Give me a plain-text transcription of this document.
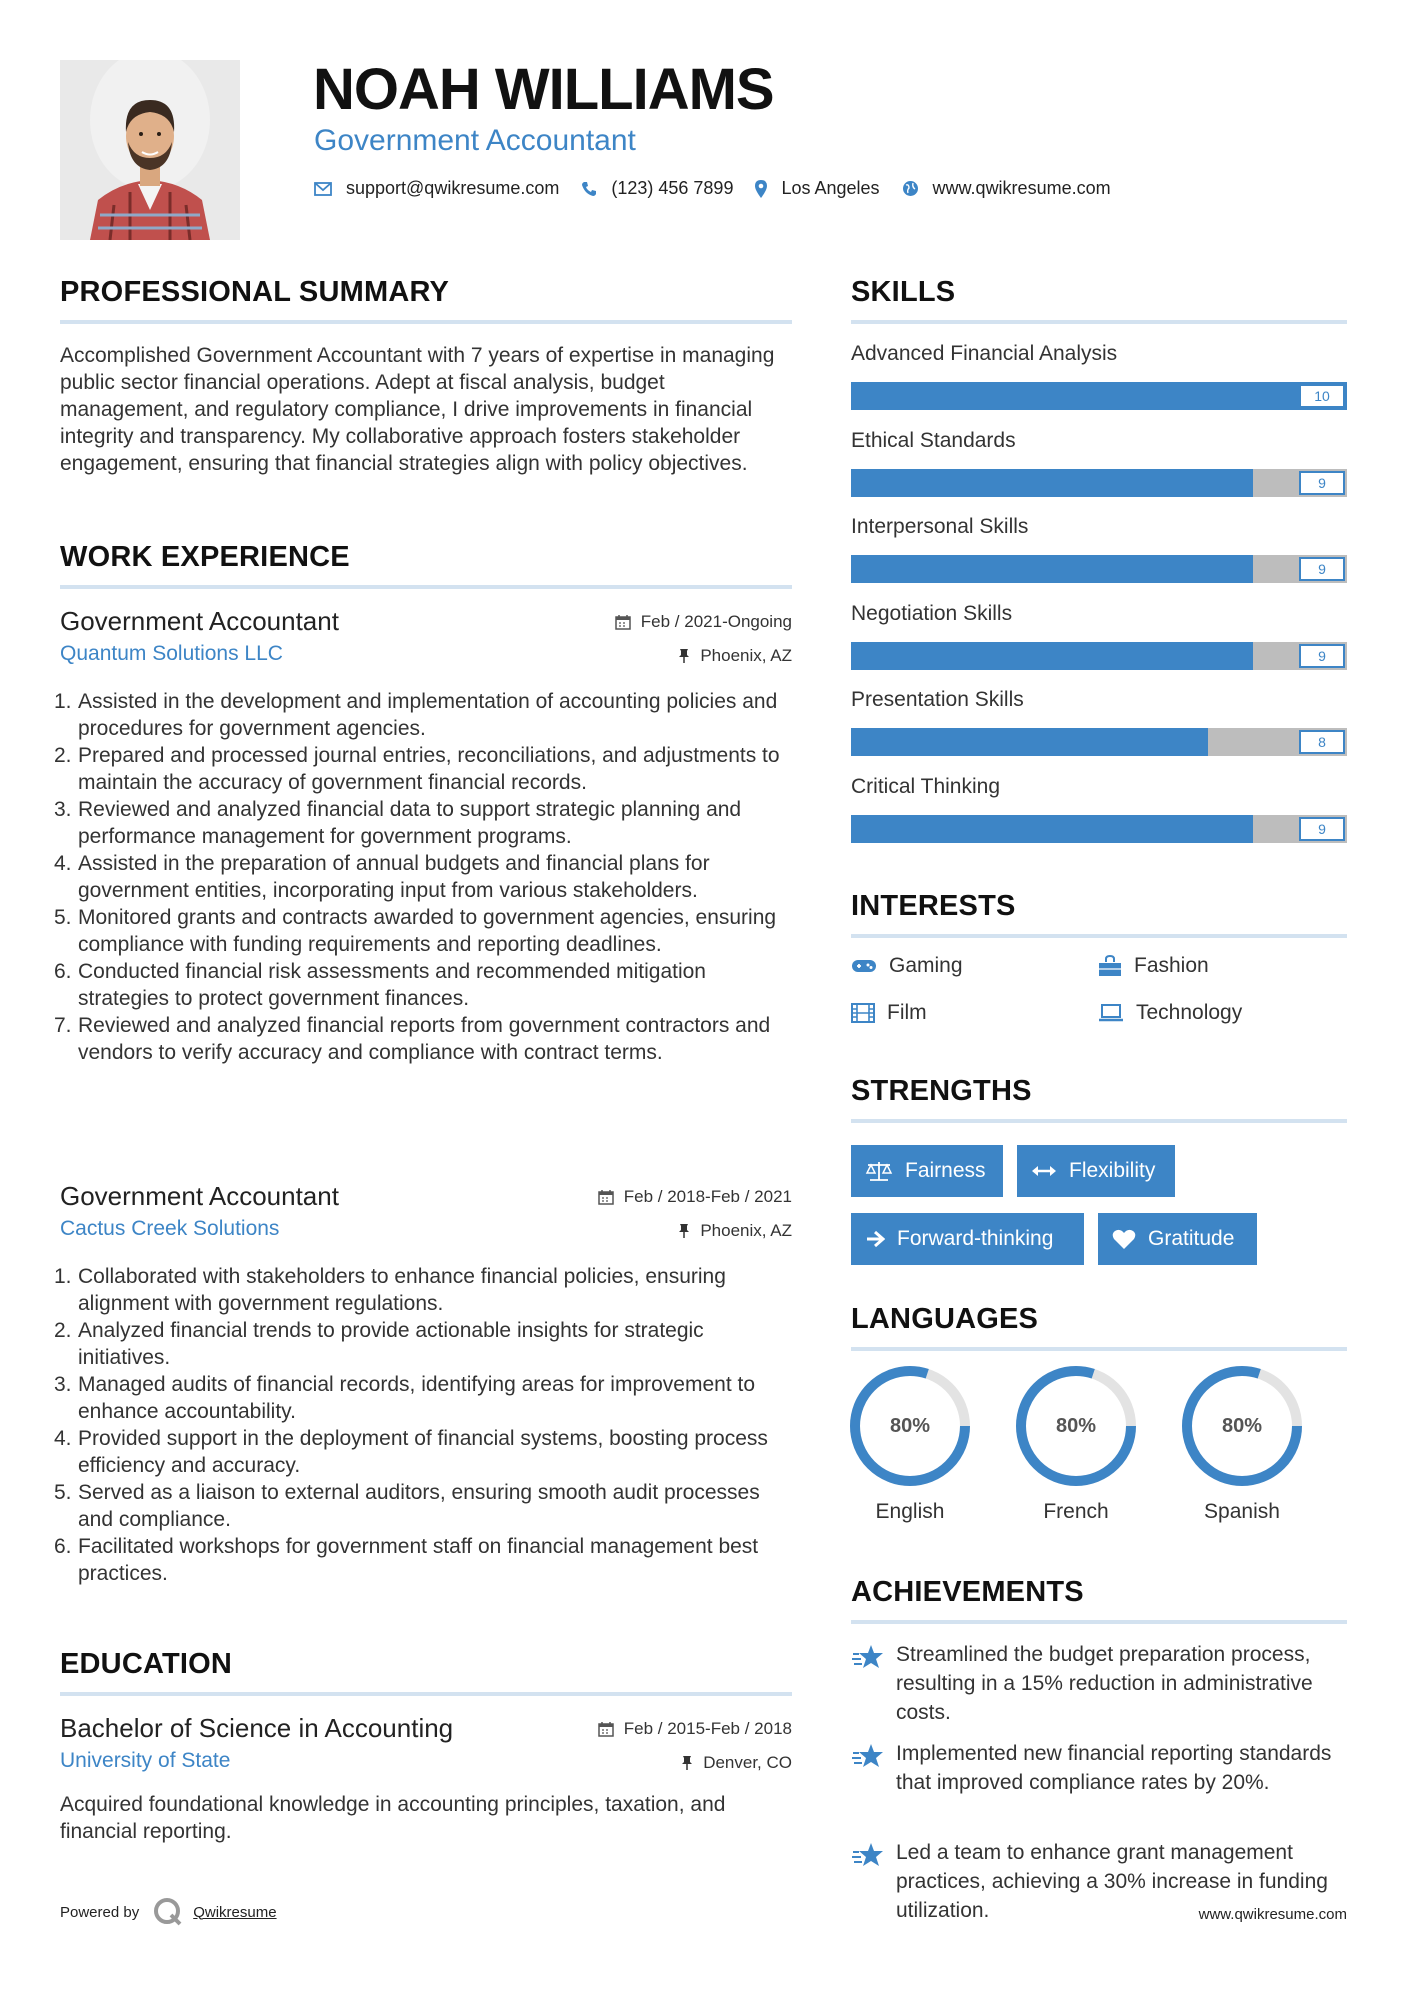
NOAH WILLIAMS
Government Accountant
support@qwikresume.com	(123) 456 7899	Los Angeles	www.qwikresume.com
PROFESSIONAL SUMMARY
Accomplished Government Accountant with 7 years of expertise in managing public sector financial operations. Adept at fiscal analysis, budget management, and regulatory compliance, I drive improvements in financial integrity and transparency. My collaborative approach fosters stakeholder engagement, ensuring that financial strategies align with policy objectives.
WORK EXPERIENCE
Government Accountant
Quantum Solutions LLC
Feb / 2021-Ongoing
Phoenix, AZ
1. Assisted in the development and implementation of accounting policies and procedures for government agencies.
2. Prepared and processed journal entries, reconciliations, and adjustments to maintain the accuracy of government financial records.
3. Reviewed and analyzed financial data to support strategic planning and performance management for government programs.
4. Assisted in the preparation of annual budgets and financial plans for government entities, incorporating input from various stakeholders.
5. Monitored grants and contracts awarded to government agencies, ensuring compliance with funding requirements and reporting deadlines.
6. Conducted financial risk assessments and recommended mitigation strategies to protect government finances.
7. Reviewed and analyzed financial reports from government contractors and vendors to verify accuracy and compliance with contract terms.
Government Accountant
Cactus Creek Solutions
Feb / 2018-Feb / 2021
Phoenix, AZ
1. Collaborated with stakeholders to enhance financial policies, ensuring alignment with government regulations.
2. Analyzed financial trends to provide actionable insights for strategic initiatives.
3. Managed audits of financial records, identifying areas for improvement to enhance accountability.
4. Provided support in the deployment of financial systems, boosting process efficiency and accuracy.
5. Served as a liaison to external auditors, ensuring smooth audit processes and compliance.
6. Facilitated workshops for government staff on financial management best practices.
EDUCATION
Bachelor of Science in Accounting
University of State
Feb / 2015-Feb / 2018
Denver, CO
Acquired foundational knowledge in accounting principles, taxation, and financial reporting.
SKILLS
Advanced Financial Analysis
10
Ethical Standards
9
Interpersonal Skills
9
Negotiation Skills
9
Presentation Skills
8
Critical Thinking
9
INTERESTS
Gaming	Fashion
Film	Technology
STRENGTHS
Fairness	Flexibility
Forward-thinking	Gratitude
LANGUAGES
80%
English
80%
French
80%
Spanish
ACHIEVEMENTS
Streamlined the budget preparation process, resulting in a 15% reduction in administrative costs.
Implemented new financial reporting standards that improved compliance rates by 20%.
Led a team to enhance grant management practices, achieving a 30% increase in funding utilization.
Powered by	Qwikresume	www.qwikresume.com
